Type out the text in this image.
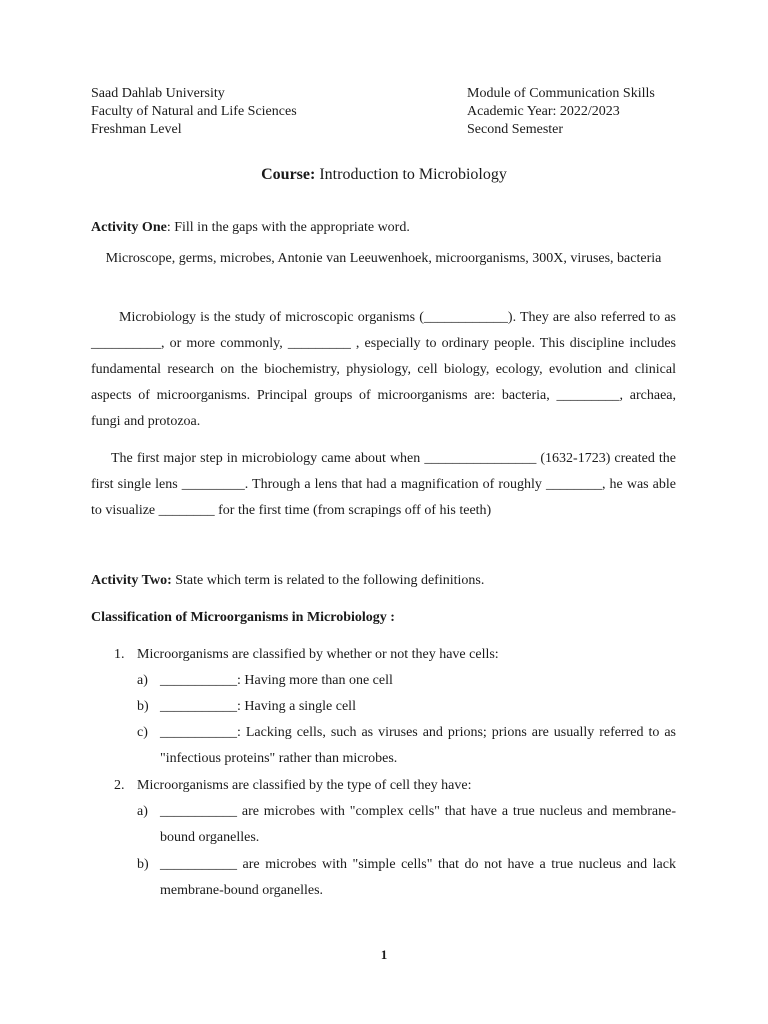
Saad Dahlab University
Faculty of Natural and Life Sciences
Freshman Level
Module of Communication Skills
Academic Year: 2022/2023
Second Semester
Course: Introduction to Microbiology
Activity One: Fill in the gaps with the appropriate word.
Microscope, germs, microbes, Antonie van Leeuwenhoek, microorganisms, 300X, viruses, bacteria
Microbiology is the study of microscopic organisms (____________). They are also referred to as __________, or more commonly, _________ , especially to ordinary people. This discipline includes fundamental research on the biochemistry, physiology, cell biology, ecology, evolution and clinical aspects of microorganisms. Principal groups of microorganisms are: bacteria, _________, archaea, fungi and protozoa.
The first major step in microbiology came about when ________________ (1632-1723) created the first single lens _________. Through a lens that had a magnification of roughly ________, he was able to visualize ________ for the first time (from scrapings off of his teeth)
Activity Two: State which term is related to the following definitions.
Classification of Microorganisms in Microbiology :
1. Microorganisms are classified by whether or not they have cells:
a) ___________: Having more than one cell
b) ___________: Having a single cell
c) ___________: Lacking cells, such as viruses and prions; prions are usually referred to as "infectious proteins" rather than microbes.
2. Microorganisms are classified by the type of cell they have:
a) ___________ are microbes with "complex cells" that have a true nucleus and membrane-bound organelles.
b) ___________ are microbes with "simple cells" that do not have a true nucleus and lack membrane-bound organelles.
1
